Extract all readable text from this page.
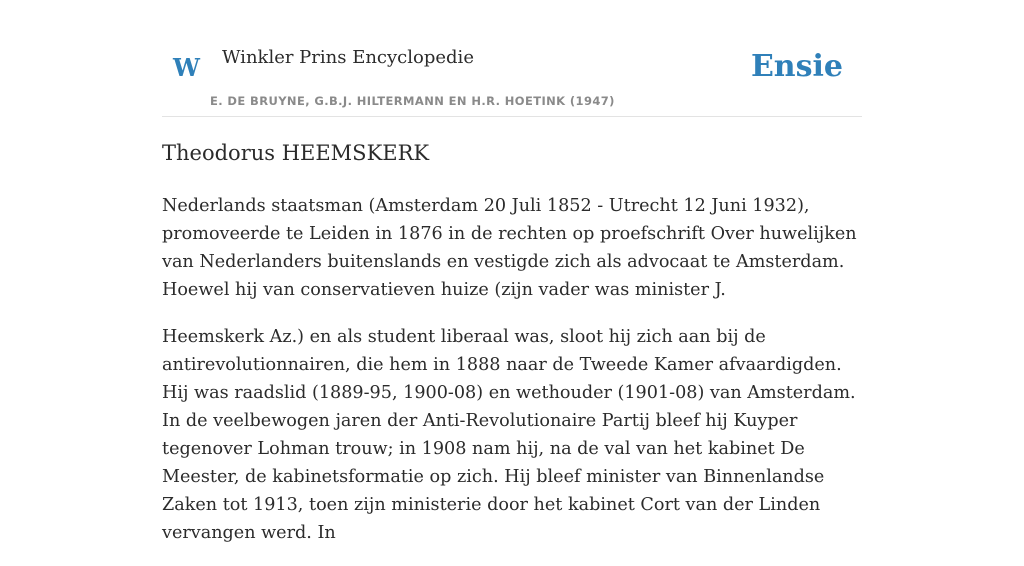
W Winkler Prins Encyclopedie
E. DE BRUYNE, G.B.J. HILTERMANN EN H.R. HOETINK (1947)
Ensie
Theodorus HEEMSKERK

Nederlands staatsman (Amsterdam 20 Juli 1852 - Utrecht 12 Juni 1932), promoveerde te Leiden in 1876 in de rechten op proefschrift Over huwelijken van Nederlanders buitenslands en vestigde zich als advocaat te Amsterdam. Hoewel hij van conservatieven huize (zijn vader was minister J.

Heemskerk Az.) en als student liberaal was, sloot hij zich aan bij de antirevolutionnairen, die hem in 1888 naar de Tweede Kamer afvaardigden. Hij was raadslid (1889-95, 1900-08) en wethouder (1901-08) van Amsterdam. In de veelbewogen jaren der Anti-Revolutionaire Partij bleef hij Kuyper tegenover Lohman trouw; in 1908 nam hij, na de val van het kabinet De Meester, de kabinetsformatie op zich. Hij bleef minister van Binnenlandse Zaken tot 1913, toen zijn ministerie door het kabinet Cort van der Linden vervangen werd. In
